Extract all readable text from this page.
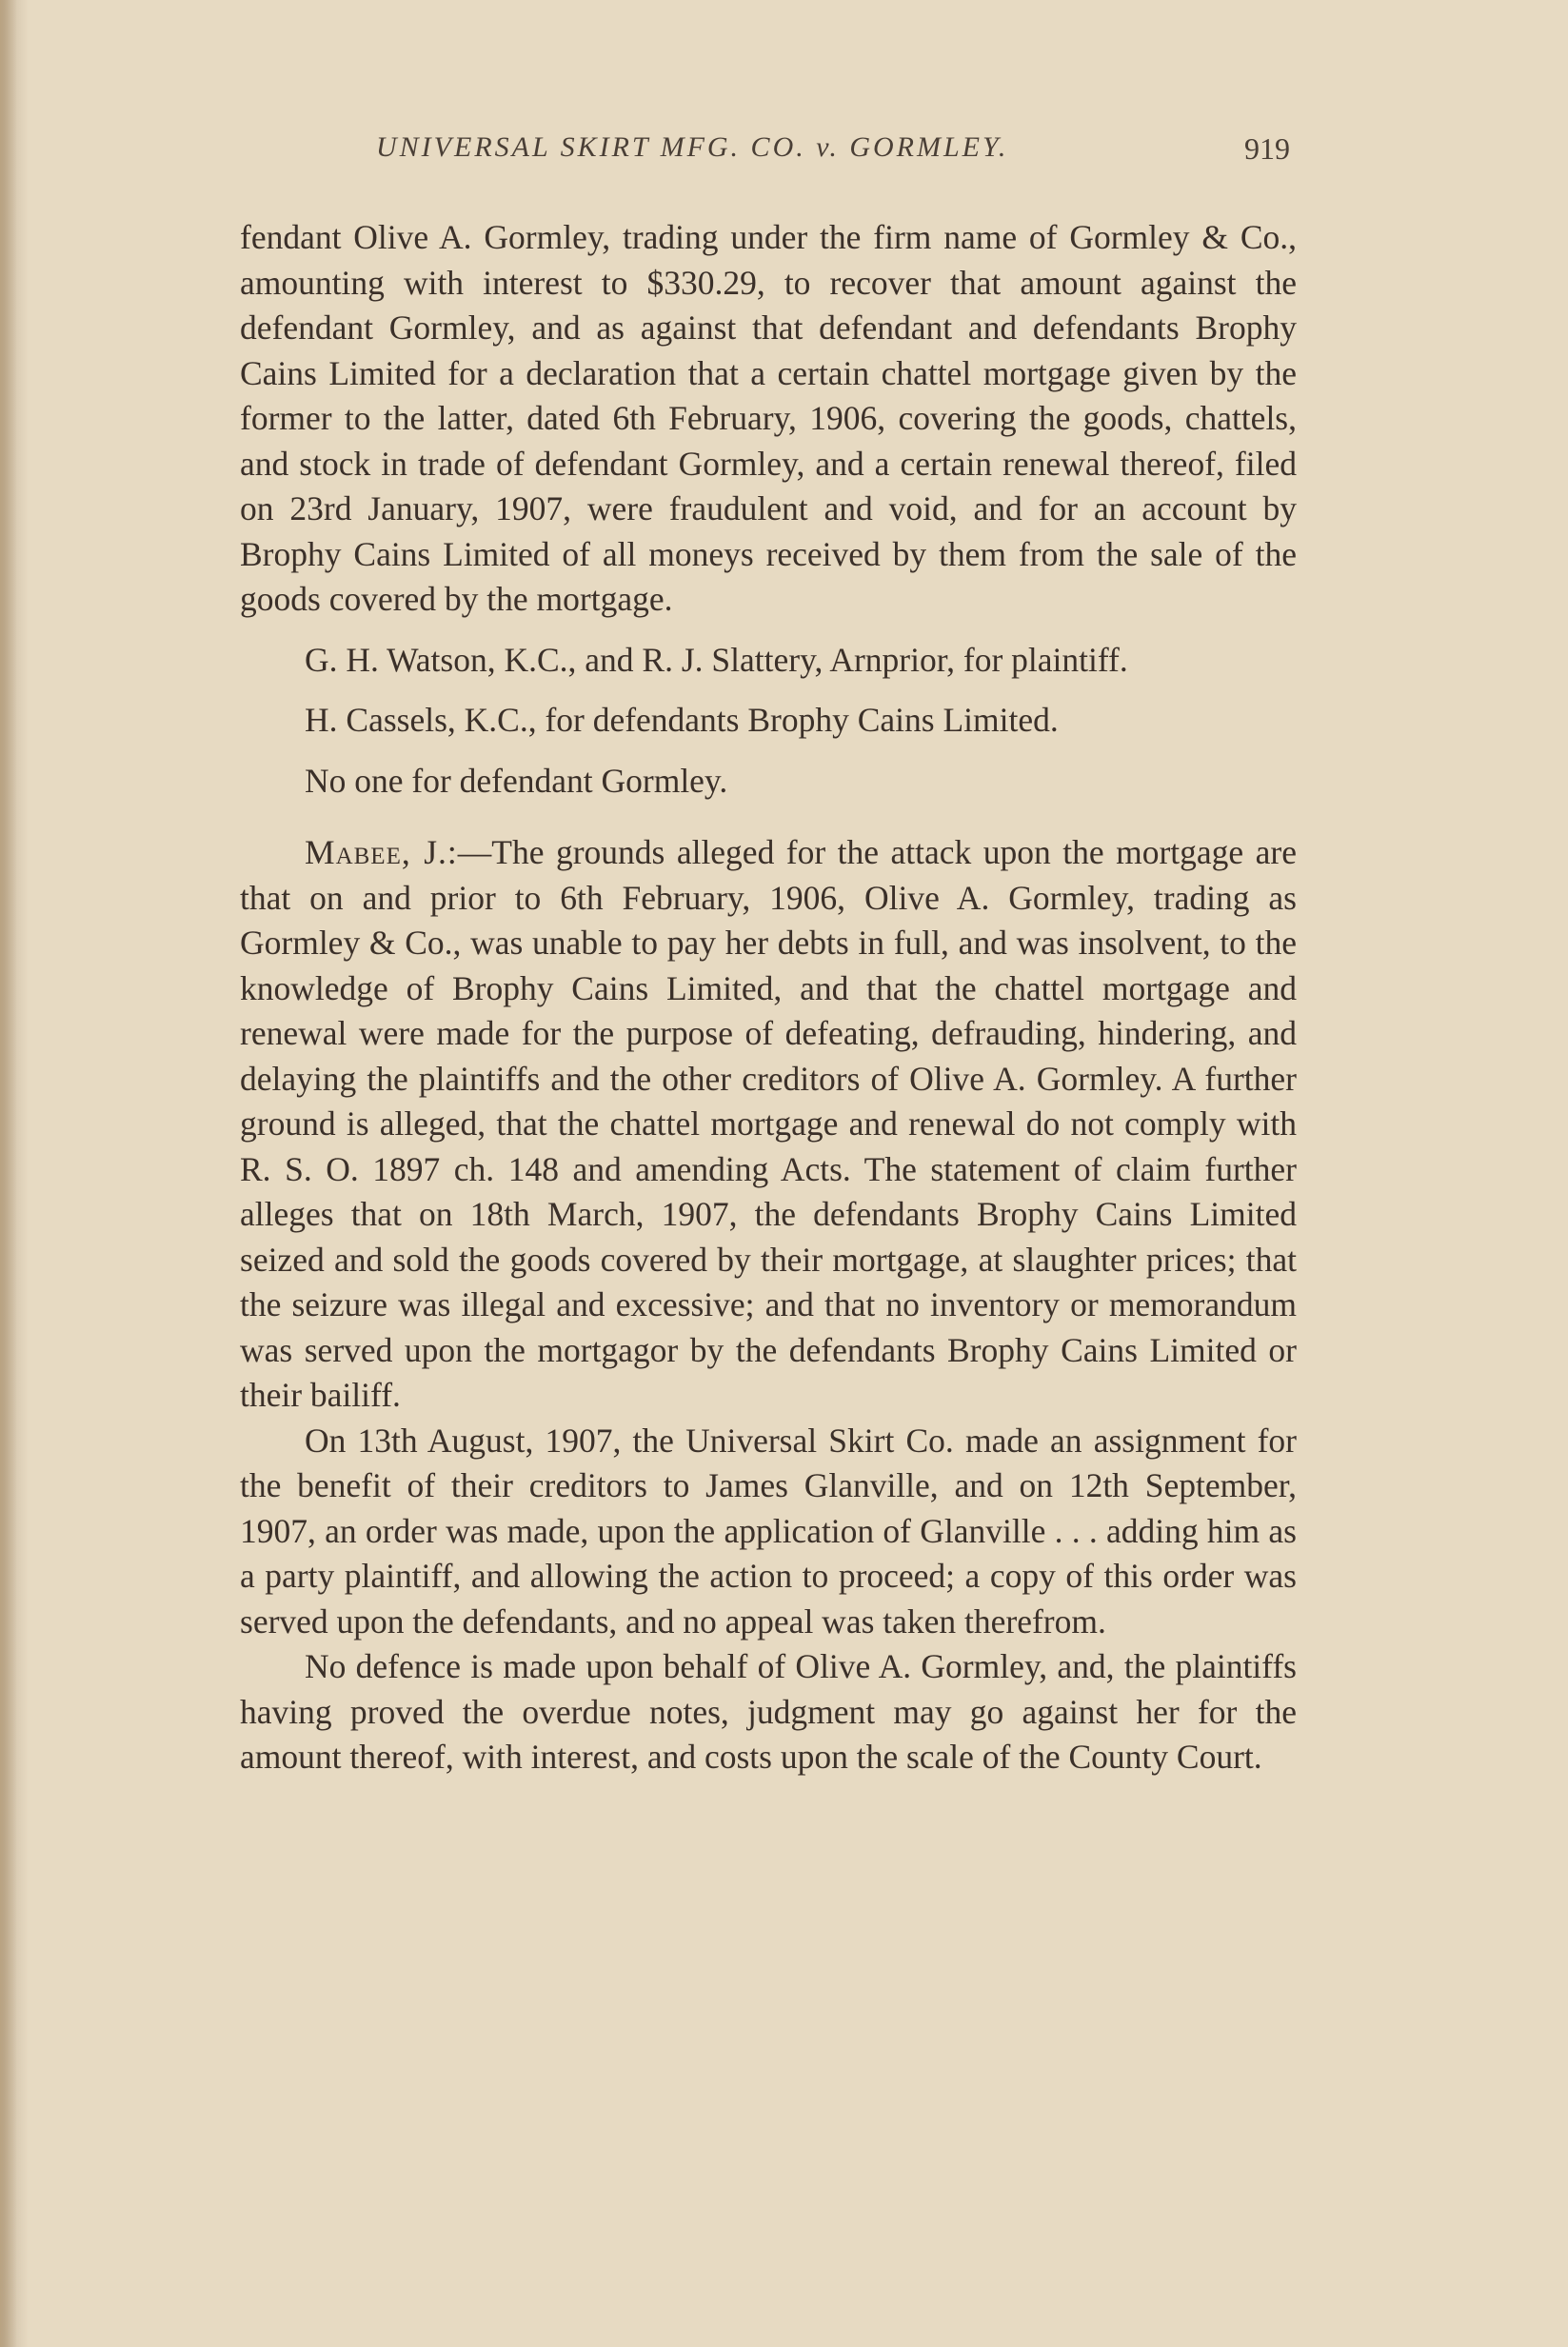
UNIVERSAL SKIRT MFG. CO. v. GORMLEY.	919

fendant Olive A. Gormley, trading under the firm name of Gormley & Co., amounting with interest to $330.29, to recover that amount against the defendant Gormley, and as against that defendant and defendants Brophy Cains Limited for a declaration that a certain chattel mortgage given by the former to the latter, dated 6th February, 1906, covering the goods, chattels, and stock in trade of defendant Gormley, and a certain renewal thereof, filed on 23rd January, 1907, were fraudulent and void, and for an account by Brophy Cains Limited of all moneys received by them from the sale of the goods covered by the mortgage.

G. H. Watson, K.C., and R. J. Slattery, Arnprior, for plaintiff.

H. Cassels, K.C., for defendants Brophy Cains Limited.

No one for defendant Gormley.

Mabee, J.:—The grounds alleged for the attack upon the mortgage are that on and prior to 6th February, 1906, Olive A. Gormley, trading as Gormley & Co., was unable to pay her debts in full, and was insolvent, to the knowledge of Brophy Cains Limited, and that the chattel mortgage and renewal were made for the purpose of defeating, defrauding, hindering, and delaying the plaintiffs and the other creditors of Olive A. Gormley. A further ground is alleged, that the chattel mortgage and renewal do not comply with R. S. O. 1897 ch. 148 and amending Acts. The statement of claim further alleges that on 18th March, 1907, the defendants Brophy Cains Limited seized and sold the goods covered by their mortgage, at slaughter prices; that the seizure was illegal and excessive; and that no inventory or memorandum was served upon the mortgagor by the defendants Brophy Cains Limited or their bailiff.

On 13th August, 1907, the Universal Skirt Co. made an assignment for the benefit of their creditors to James Glanville, and on 12th September, 1907, an order was made, upon the application of Glanville . . . adding him as a party plaintiff, and allowing the action to proceed; a copy of this order was served upon the defendants, and no appeal was taken therefrom.

No defence is made upon behalf of Olive A. Gormley, and, the plaintiffs having proved the overdue notes, judgment may go against her for the amount thereof, with interest, and costs upon the scale of the County Court.
